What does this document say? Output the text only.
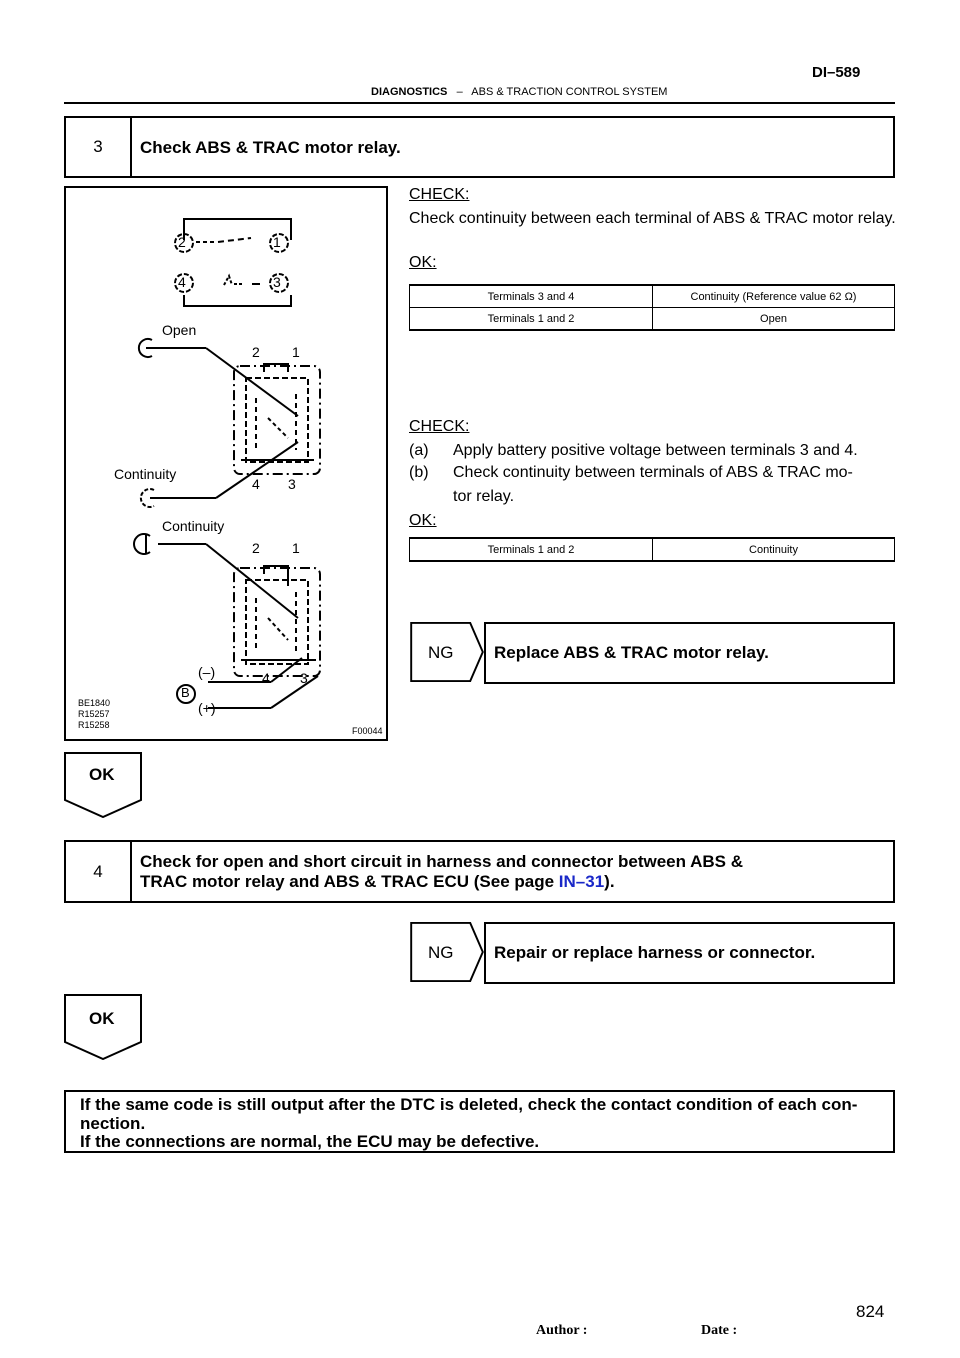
DI–589
DIAGNOSTICS – ABS & TRACTION CONTROL SYSTEM
3	Check ABS & TRAC motor relay.
2	1
4	3
Open
2 1
Continuity
4 3
Continuity
2 1
(–)	4 3
B
(+)
BE1840
R15257
R15258
F00044
CHECK:
Check continuity between each terminal of ABS & TRAC motor relay.
OK:
Terminals 3 and 4	Continuity (Reference value 62 Ω)
Terminals 1 and 2	Open
CHECK:
(a) Apply battery positive voltage between terminals 3 and 4.
(b) Check continuity between terminals of ABS & TRAC mo-
tor relay.
OK:
Terminals 1 and 2	Continuity
NG Replace ABS & TRAC motor relay.
OK
4	Check for open and short circuit in harness and connector between ABS &
TRAC motor relay and ABS & TRAC ECU (See page IN–31).
NG Repair or replace harness or connector.
OK
If the same code is still output after the DTC is deleted, check the contact condition of each con-
nection.
If the connections are normal, the ECU may be defective.
824
Author :	Date :
